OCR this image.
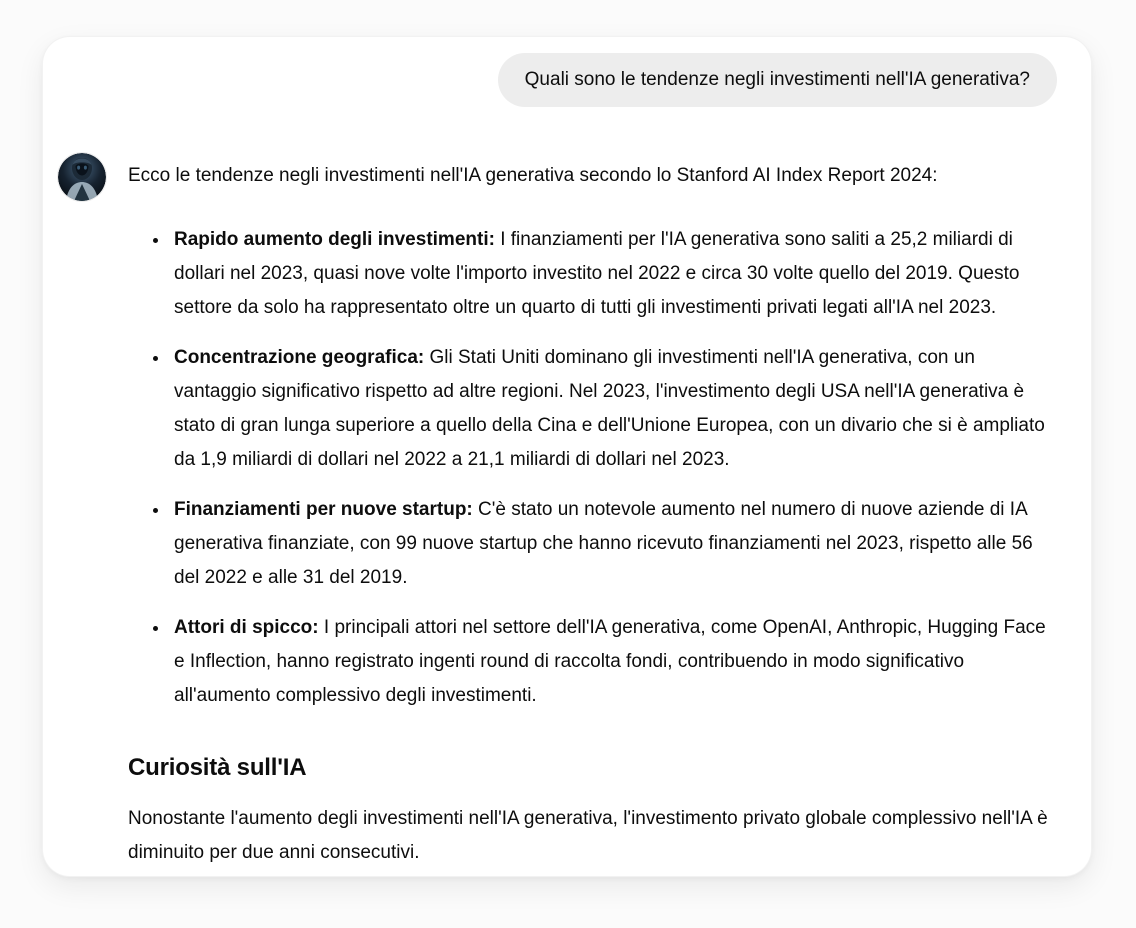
Quali sono le tendenze negli investimenti nell'IA generativa?

Ecco le tendenze negli investimenti nell'IA generativa secondo lo Stanford AI Index Report 2024:

• Rapido aumento degli investimenti: I finanziamenti per l'IA generativa sono saliti a 25,2 miliardi di dollari nel 2023, quasi nove volte l'importo investito nel 2022 e circa 30 volte quello del 2019. Questo settore da solo ha rappresentato oltre un quarto di tutti gli investimenti privati legati all'IA nel 2023.
• Concentrazione geografica: Gli Stati Uniti dominano gli investimenti nell'IA generativa, con un vantaggio significativo rispetto ad altre regioni. Nel 2023, l'investimento degli USA nell'IA generativa è stato di gran lunga superiore a quello della Cina e dell'Unione Europea, con un divario che si è ampliato da 1,9 miliardi di dollari nel 2022 a 21,1 miliardi di dollari nel 2023.
• Finanziamenti per nuove startup: C'è stato un notevole aumento nel numero di nuove aziende di IA generativa finanziate, con 99 nuove startup che hanno ricevuto finanziamenti nel 2023, rispetto alle 56 del 2022 e alle 31 del 2019.
• Attori di spicco: I principali attori nel settore dell'IA generativa, come OpenAI, Anthropic, Hugging Face e Inflection, hanno registrato ingenti round di raccolta fondi, contribuendo in modo significativo all'aumento complessivo degli investimenti.
Curiosità sull'IA

Nonostante l'aumento degli investimenti nell'IA generativa, l'investimento privato globale complessivo nell'IA è diminuito per due anni consecutivi.
